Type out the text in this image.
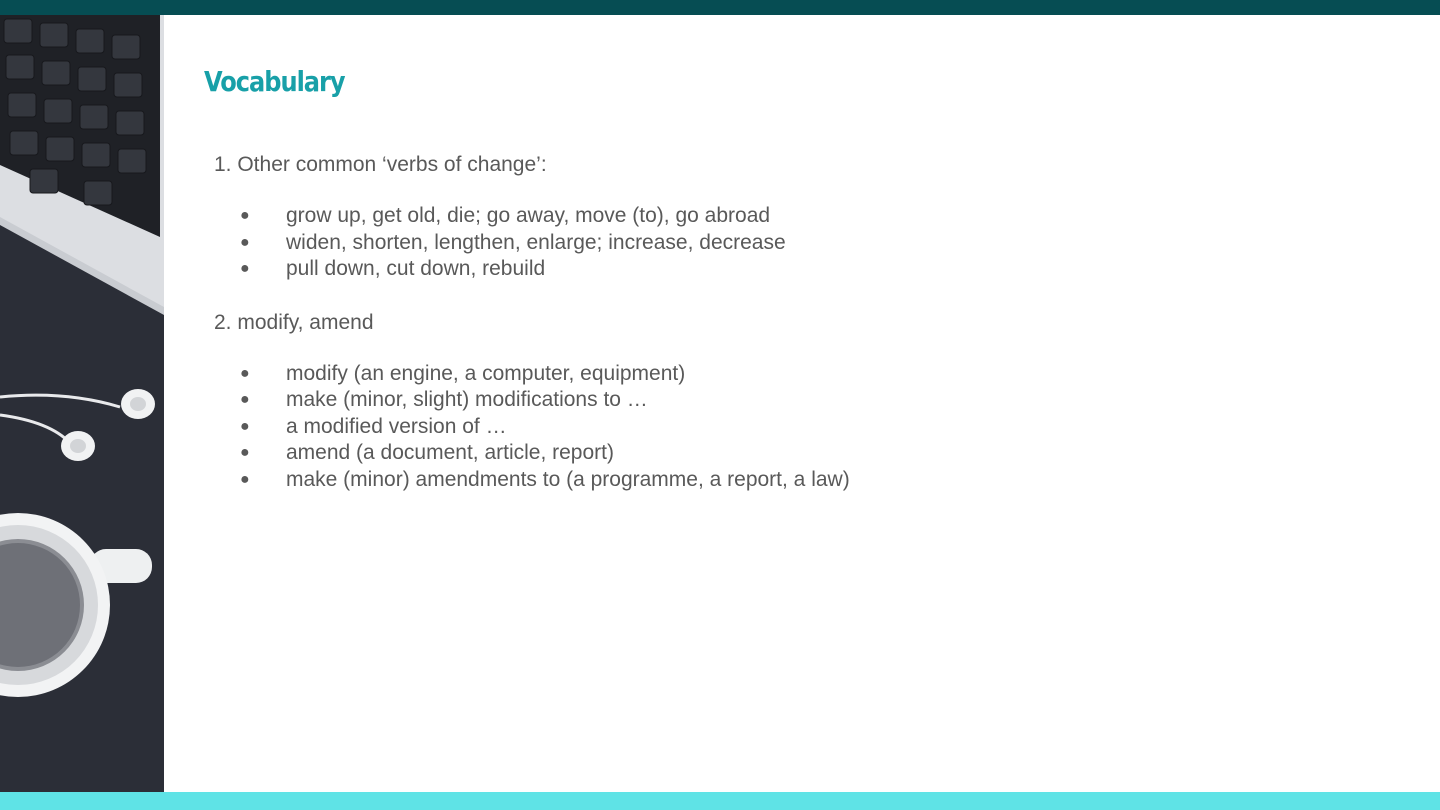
Vocabulary

1. Other common ‘verbs of change’:

● grow up, get old, die; go away, move (to), go abroad
● widen, shorten, lengthen, enlarge; increase, decrease
● pull down, cut down, rebuild

2. modify, amend

● modify (an engine, a computer, equipment)
● make (minor, slight) modifications to …
● a modified version of …
● amend (a document, article, report)
● make (minor) amendments to (a programme, a report, a law)
